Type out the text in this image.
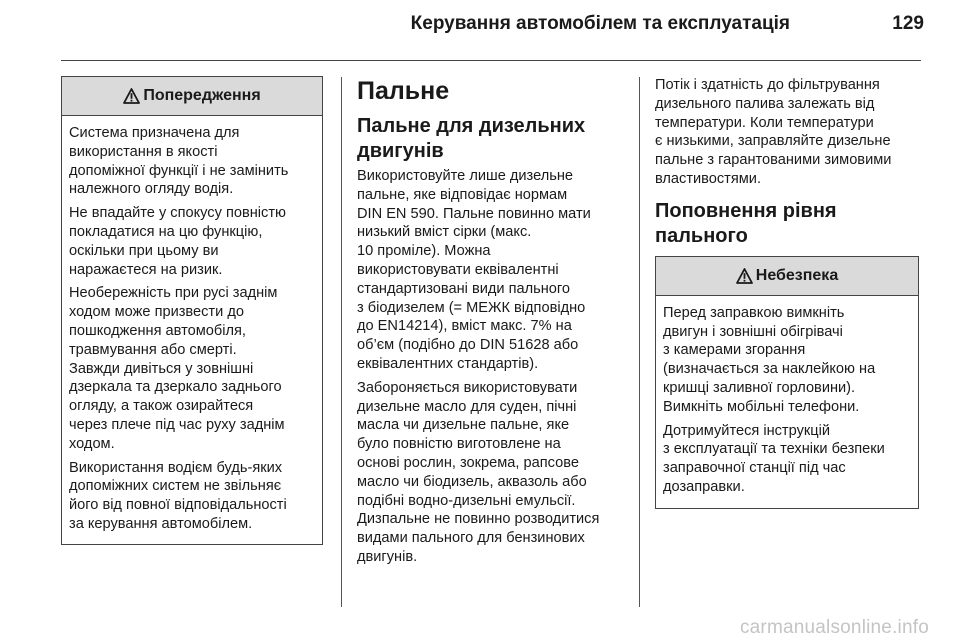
Керування автомобілем та експлуатація	129
Попередження

Система призначена для
використання в якості
допоміжної функції і не замінить
належного огляду водія.

Не впадайте у спокусу повністю
покладатися на цю функцію,
оскільки при цьому ви
наражаєтеся на ризик.

Необережність при русі заднім
ходом може призвести до
пошкодження автомобіля,
травмування або смерті.
Завжди дивіться у зовнішні
дзеркала та дзеркало заднього
огляду, а також озирайтеся
через плече під час руху заднім
ходом.

Використання водієм будь-яких
допоміжних систем не звільняє
його від повної відповідальності
за керування автомобілем.

Пальне
Пальне для дизельних
двигунів

Використовуйте лише дизельне
пальне, яке відповідає нормам
DIN EN 590. Пальне повинно мати
низький вміст сірки (макс.
10 проміле). Можна
використовувати еквівалентні
стандартизовані види пального
з біодизелем (= МЕЖК відповідно
до EN14214), вміст макс. 7% на
об’єм (подібно до DIN 51628 або
еквівалентних стандартів).

Забороняється використовувати
дизельне масло для суден, пічні
масла чи дизельне пальне, яке
було повністю виготовлене на
основі рослин, зокрема, рапсове
масло чи біодизель, аквазоль або
подібні водно-дизельні емульсії.
Дизпальне не повинно розводитися
видами пального для бензинових
двигунів.

Потік і здатність до фільтрування
дизельного палива залежать від
температури. Коли температури
є низькими, заправляйте дизельне
пальне з гарантованими зимовими
властивостями.

Поповнення рівня
пального
Небезпека

Перед заправкою вимкніть
двигун і зовнішні обігрівачі
з камерами згорання
(визначається за наклейкою на
кришці заливної горловини).
Вимкніть мобільні телефони.

Дотримуйтеся інструкцій
з експлуатації та техніки безпеки
заправочної станції під час
дозаправки.

carmanualsonline.info
